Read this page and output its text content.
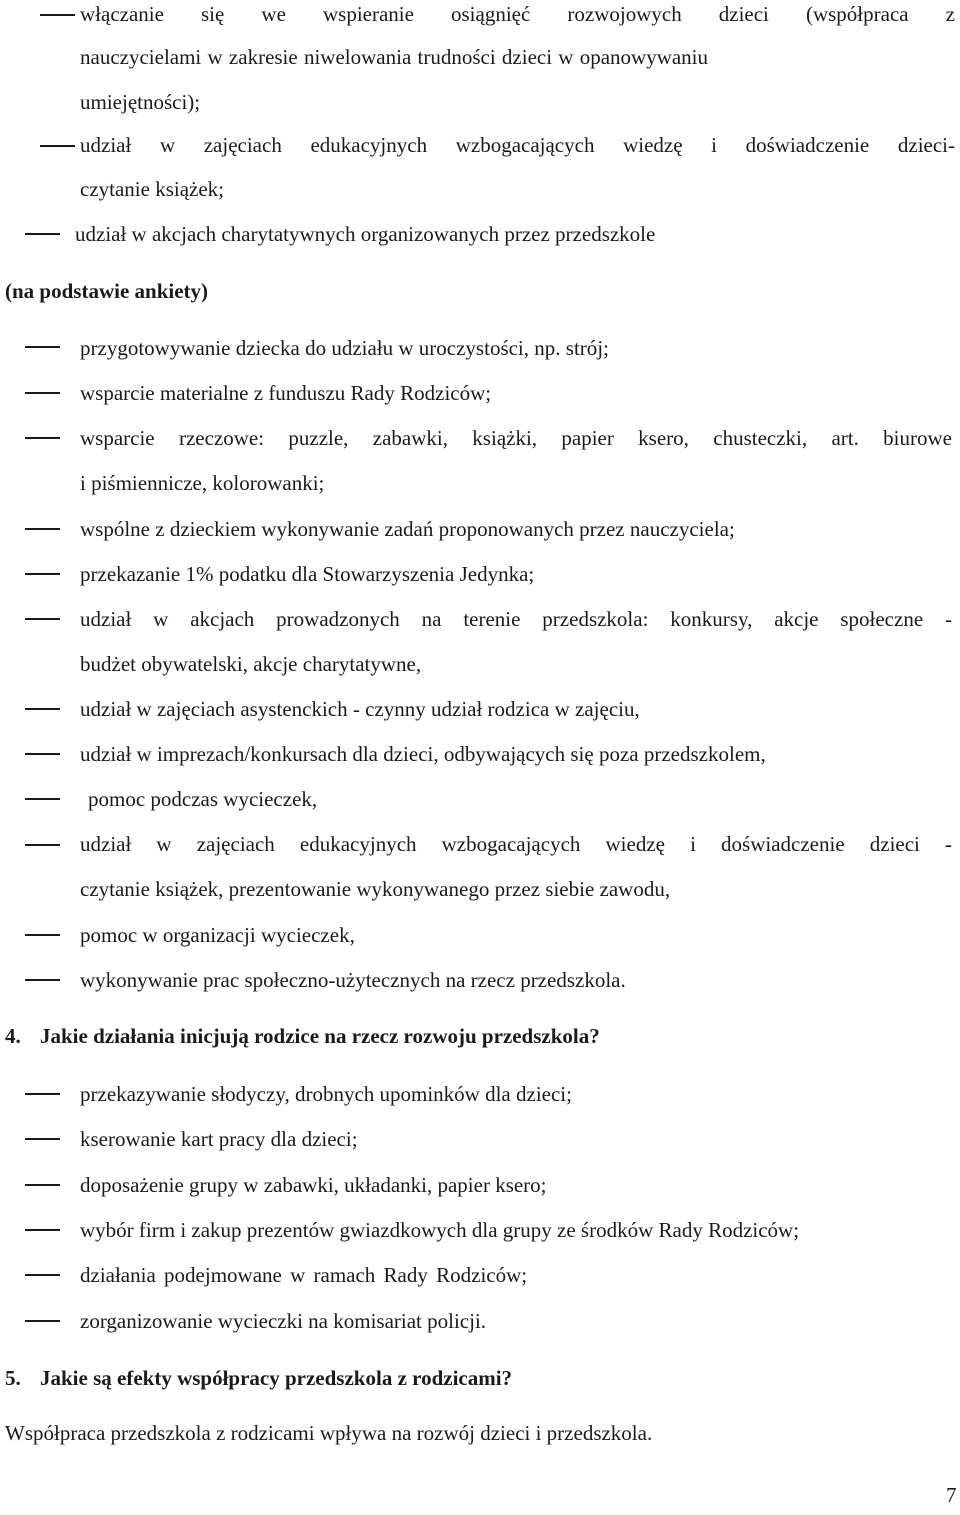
włączanie się we wspieranie osiągnięć rozwojowych dzieci (współpraca z
nauczycielami w zakresie niwelowania trudności dzieci w opanowywaniu
umiejętności);
udział w zajęciach edukacyjnych wzbogacających wiedzę i doświadczenie dzieci-
czytanie książek;
udział w akcjach charytatywnych organizowanych przez przedszkole
(na podstawie ankiety)
przygotowywanie dziecka do udziału w uroczystości, np. strój;
wsparcie materialne z funduszu Rady Rodziców;
wsparcie rzeczowe: puzzle, zabawki, książki, papier ksero, chusteczki, art. biurowe
i piśmiennicze, kolorowanki;
wspólne z dzieckiem wykonywanie zadań proponowanych przez nauczyciela;
przekazanie 1% podatku dla Stowarzyszenia Jedynka;
udział w akcjach prowadzonych na terenie przedszkola: konkursy, akcje społeczne -
budżet obywatelski, akcje charytatywne,
udział w zajęciach asystenckich - czynny udział rodzica w zajęciu,
udział w imprezach/konkursach dla dzieci, odbywających się poza przedszkolem,
pomoc podczas wycieczek,
udział w zajęciach edukacyjnych wzbogacających wiedzę i doświadczenie dzieci -
czytanie książek, prezentowanie wykonywanego przez siebie zawodu,
pomoc w organizacji wycieczek,
wykonywanie prac społeczno-użytecznych na rzecz przedszkola.
4. Jakie działania inicjują rodzice na rzecz rozwoju przedszkola?
przekazywanie słodyczy, drobnych upominków dla dzieci;
kserowanie kart pracy dla dzieci;
doposażenie grupy w zabawki, układanki, papier ksero;
wybór firm i zakup prezentów gwiazdkowych dla grupy ze środków Rady Rodziców;
działania podejmowane w ramach Rady Rodziców;
zorganizowanie wycieczki na komisariat policji.
5. Jakie są efekty współpracy przedszkola z rodzicami?
Współpraca przedszkola z rodzicami wpływa na rozwój dzieci i przedszkola.
7
